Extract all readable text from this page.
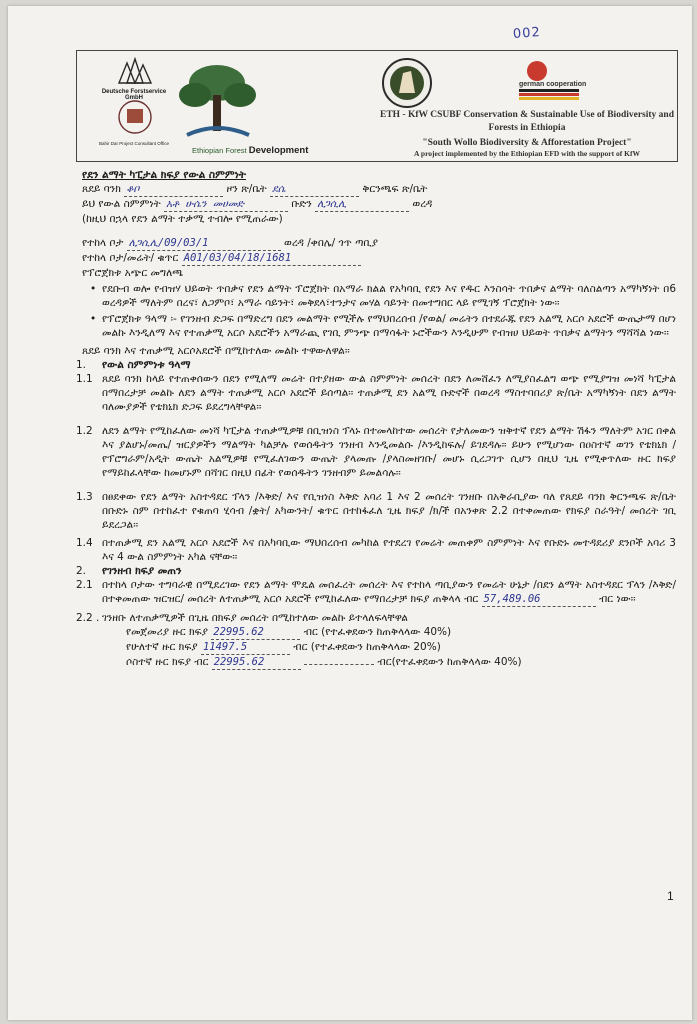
002
Deutsche Forstservice GmbH
Bahir Dar Project Consultant Office
Ethiopian Forest Development
german cooperation
ETH - KfW CSUBF Conservation & Sustainable Use of Biodiversity and
Forests in Ethiopia
"South Wollo Biodiversity & Afforestation Project"
A project implemented by the Ethiopian EFD with the support of KfW
የደን ልማት ካፒታል ክፍያ የውል ስምምነት
ጸደይ ባንክ ቆቦ	ዞን ጽ/ቤት ደሴ	ቅርንጫፍ ጽ/ቤት
ይህ የውል ስምምነት አቶ ሁሴን መሀመድ	ቡድን ለጋሲሊ	ወረዳ
(ከዚህ በኋላ የደን ልማት ተቃሚ ተብሎ የሚጠራው)
የተከላ ቦታ ለጋሲሊ/09/03/1	ወረዳ /ቀበሌ/ ጎጥ ጣቢያ
የተከላ ቦታ/መሬት/ ቁጥር A01/03/04/18/1681
የፕሮጀክቱ አጭር መግለጫ
• የደቡብ ወሎ የብዝሃ ህይወት ጥበቃና የደን ልማት ፕሮጀክት በአማራ ክልል የአካባቢ የደን እና የዱር እንስሳት ጥበቃና ልማት ባለስልጣን አማካኝነት በ6 ወረዳዎች ማለትም በረና፣ ለጋምቦ፣ አማራ ሳይንት፣ መቅደላ፣ተንታና መሃል ሳይንት በመተግበር ላይ የሚገኝ ፕሮጀክት ነው፡፡
• የፕሮጀክቱ ዓላማ ፡- የገንዘብ ድጋፍ በማድረግ በደን መልማት የሚችሉ የማህበረሰብ /የወል/ መሬትን በተደራጁ የደን አልሚ አርሶ አደሮች ውጤታማ በሆነ መልኩ እንዲለማ እና የተጠቃሚ አርሶ አደሮችን አማራጪ የገቢ ምንጭ በማሳፋት ኑሮችውን እንዲሁም የብዝሀ ህይወት ጥበቃና ልማትን ማሻሻል ነው፡፡
ጸደይ ባንክ እና ተጠቃሚ አርሶአደሮች በሚከተለው መልኩ ተዋውለዋል፡፡
1. የውል ስምምነቱ ዓላማ
1.1 ጸደይ ባንክ ከላይ የተጠቀሰውን በደን የሚለማ መሬት በተያዘው ውል ስምምነት መሰረት በደን ለመሸፈን ለሚያስፈልግ ወጭ የሚያግዝ መነሻ ካፒታል በማበረታቻ መልኩ ለደን ልማት ተጠቃሚ አርሶ አደሮች ይሰጣል፡፡ ተጠቃሚ ደን አልሚ ቡድኖች በወረዳ ማስተባበሪያ ጽ/ቤት አማካኝነት በደን ልማት ባለሙያዎች የቴክኒክ ድጋፍ ይደረግላቸዋል፡፡
1.2 ለደን ልማት የሚከፈለው መነሻ ካፒታል ተጠቃሚዎቹ በቢዝነስ ፕላኑ በተመላከተው መሰረት የታለመውን ዝቅተኛ የደን ልማት ሽፋን ማለትም አገር በቀል እና ያልሆኑ/መጤ/ ዝርያዎችን ማልማት ካልቻሉ የወሰዱትን ገንዘብ እንዲመልሱ /እንዲከፍሉ/ ይገደዳሉ፡፡ ይሁን የሚሆነው በዐስተኛ ወገን የቴክኒክ /የፕሮግራም/አዲት ውጤት አልሚዎቹ የሚፈለገውን ውጤት ያላመጡ /ያላስመዘገቡ/ መሆኑ ሲረጋገጥ ሲሆን በዚህ ጊዜ የሚቀጥለው ዙር ክፍያ የማይከፈላቸው ከመሆኑም በሻገር በዚህ በፊት የወሰዱትን ገንዘብም ይመልሳሉ፡፡
1.3 በፀደቀው የደን ልማት አስተዳደር ፕላን /እቅድ/ እና የቢዝነስ እቅድ አባሪ 1 እና 2 መሰረት ገንዘቡ በአቅራቢያው ባለ የጸደይ ባንክ ቅርንጫፍ ጽ/ቤት በቡድኑ ስም በተከፈተ የቁጠባ ሂሳብ /ቋት/ አካውንት/ ቁጥር በተከፋፈለ ጊዜ ክፍያ /ክ/ች በአንቀጽ 2.2 በተቀመጠው የክፍያ ስራዓት/ መሰረት ገቢ ይደረጋል፡፡
1.4 በተጠቃሚ ደን አልሚ አርሶ አደሮች እና በአካባቢው ማህበረሰብ መካከል የተደረገ የመሬት መጠቀም ስምምነት እና የቡድኑ መተዳደሪያ ደንቦች አባሪ 3 እና 4 ውል ስምምነት አካል ናቸው፡፡
2. የገንዘብ ክፍያ መጠን
2.1 በተከላ ቦታው ተግባራዊ በሚደረገው የደን ልማት ሞዴል መሰፈረት መሰረት እና የተከላ ጣቢያውን የመሬት ሁኔታ /በደን ልማት አስተዳደር ፕላን /እቅድ/ በተቀመጠው ዝርዝር/ መሰረት ለተጠቃሚ አርሶ አደሮች የሚከፈለው የማበረታቻ ክፍያ ጠቅላላ ብር 57,489.06	ብር ነው፡፡
2.2 . ገንዘቡ ለተጠቃሚዎች በጊዜ በክፍያ መሰረት በሚከተለው መልኩ ይተላለፍላቸዋል
የመጀመሪያ ዙር ክፍያ 22995.62	ብር (የተፈቀደውን ከጠቅላላው 40%)
የሁለተኛ ዙር ክፍያ 11497.5	ብር (የተፈቀደውን ከጠቅላላው 20%)
ሶስተኛ ዙር ክፍያ ብር 22995.62	ብር(የተፈቀደውን ከጠቅላላው 40%)
1
